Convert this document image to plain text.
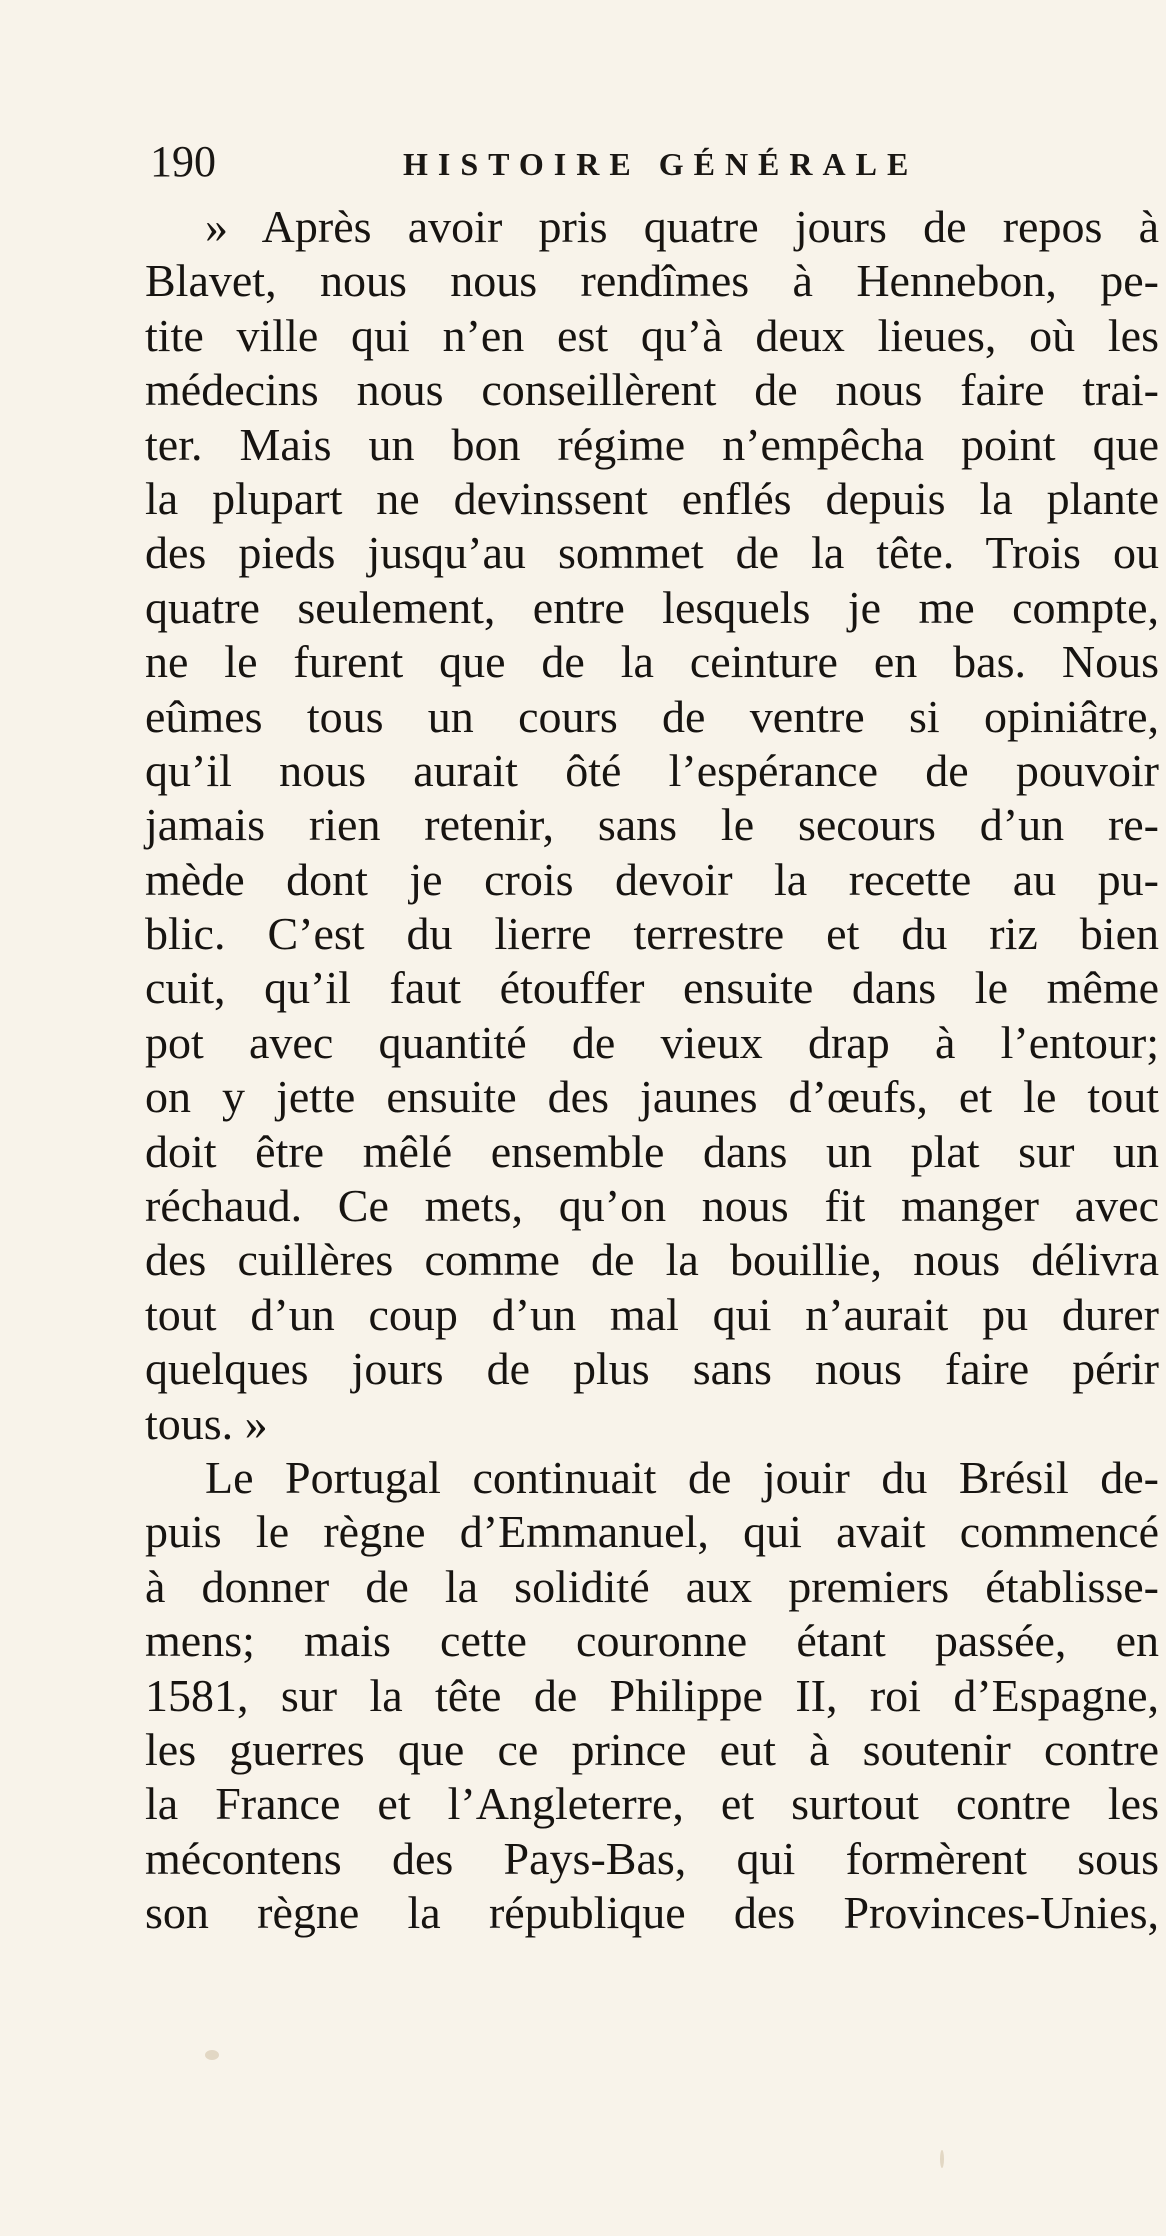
190	HISTOIRE GÉNÉRALE
» Après avoir pris quatre jours de repos à
Blavet, nous nous rendîmes à Hennebon, pe-
tite ville qui n’en est qu’à deux lieues, où les
médecins nous conseillèrent de nous faire trai-
ter. Mais un bon régime n’empêcha point que
la plupart ne devinssent enflés depuis la plante
des pieds jusqu’au sommet de la tête. Trois ou
quatre seulement, entre lesquels je me compte,
ne le furent que de la ceinture en bas. Nous
eûmes tous un cours de ventre si opiniâtre,
qu’il nous aurait ôté l’espérance de pouvoir
jamais rien retenir, sans le secours d’un re-
mède dont je crois devoir la recette au pu-
blic. C’est du lierre terrestre et du riz bien
cuit, qu’il faut étouffer ensuite dans le même
pot avec quantité de vieux drap à l’entour;
on y jette ensuite des jaunes d’œufs, et le tout
doit être mêlé ensemble dans un plat sur un
réchaud. Ce mets, qu’on nous fit manger avec
des cuillères comme de la bouillie, nous délivra
tout d’un coup d’un mal qui n’aurait pu durer
quelques jours de plus sans nous faire périr
tous. »
Le Portugal continuait de jouir du Brésil de-
puis le règne d’Emmanuel, qui avait commencé
à donner de la solidité aux premiers établisse-
mens; mais cette couronne étant passée, en
1581, sur la tête de Philippe II, roi d’Espagne,
les guerres que ce prince eut à soutenir contre
la France et l’Angleterre, et surtout contre les
mécontens des Pays-Bas, qui formèrent sous
son règne la république des Provinces-Unies,
